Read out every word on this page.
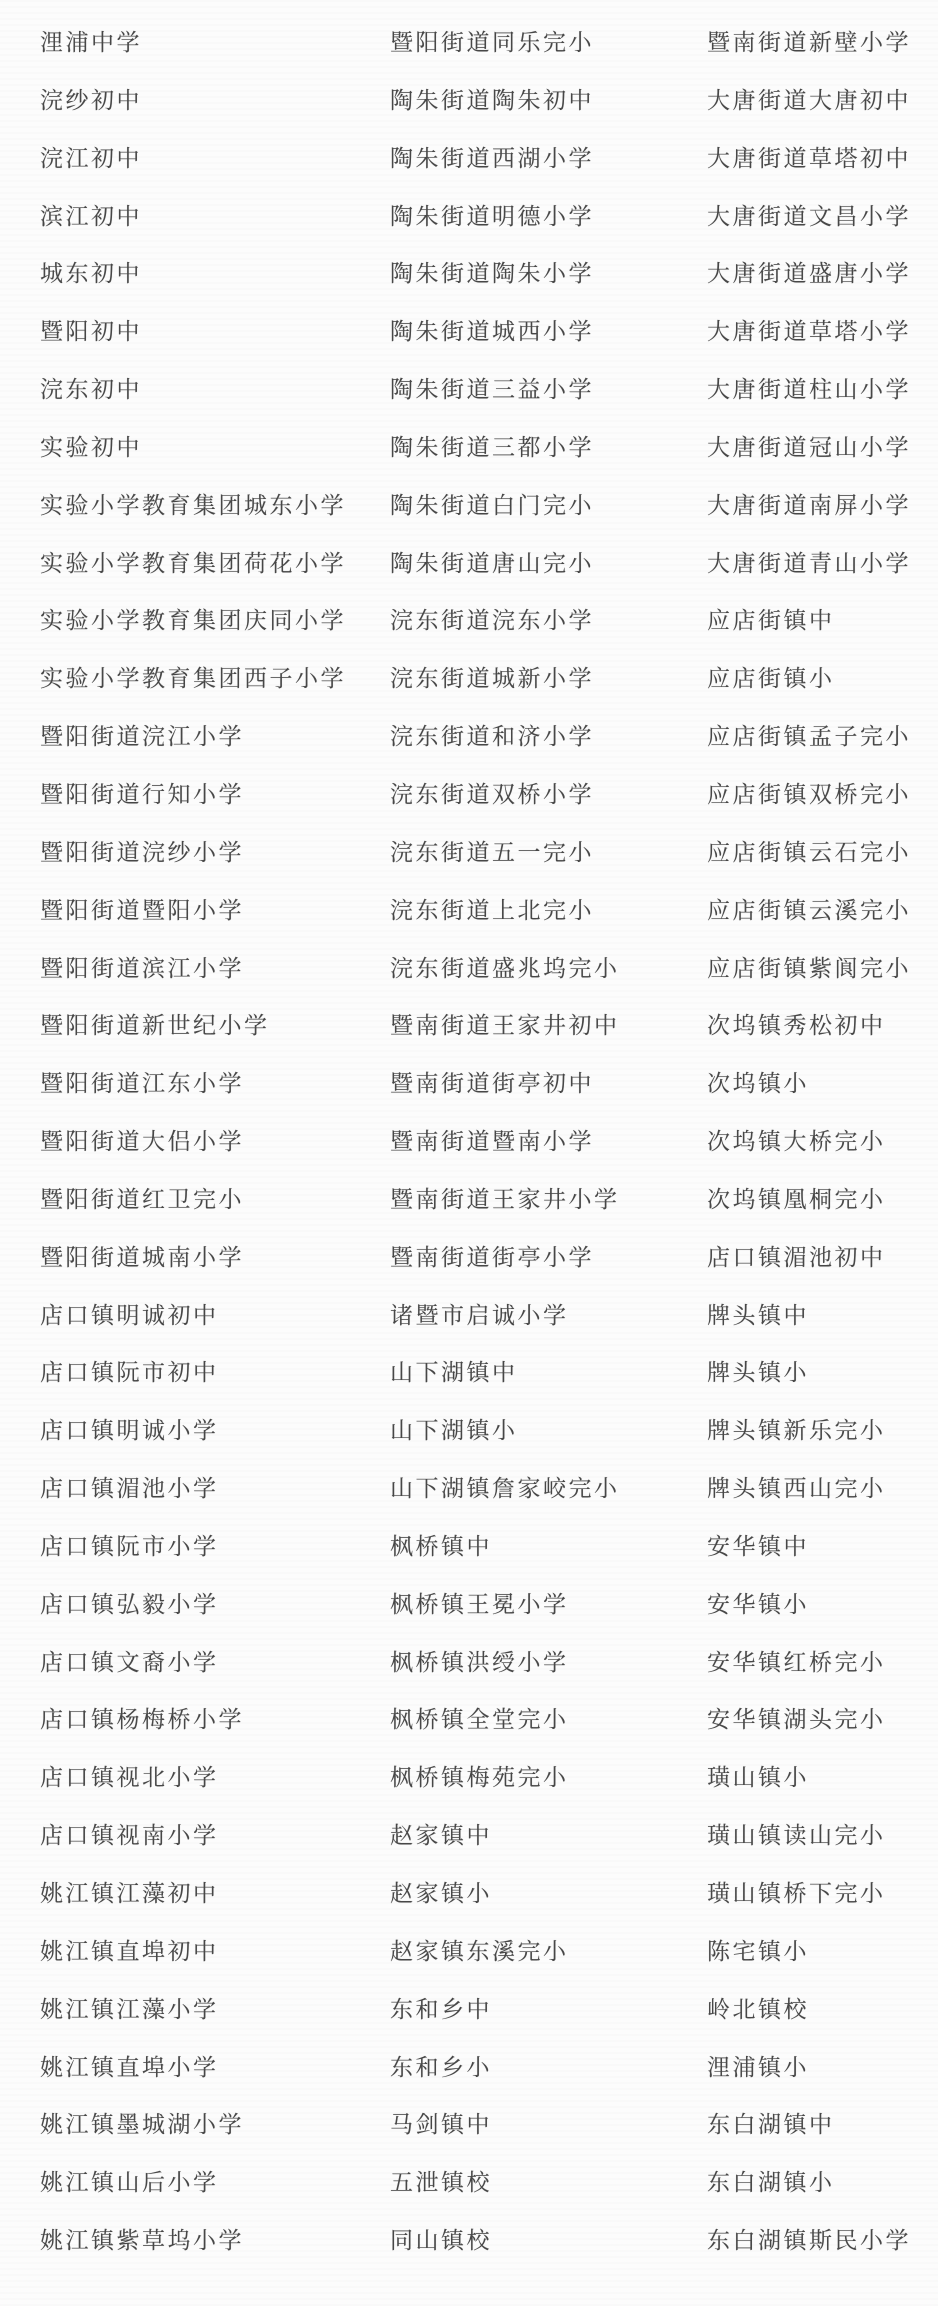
浬浦中学
浣纱初中
浣江初中
滨江初中
城东初中
暨阳初中
浣东初中
实验初中
实验小学教育集团城东小学
实验小学教育集团荷花小学
实验小学教育集团庆同小学
实验小学教育集团西子小学
暨阳街道浣江小学
暨阳街道行知小学
暨阳街道浣纱小学
暨阳街道暨阳小学
暨阳街道滨江小学
暨阳街道新世纪小学
暨阳街道江东小学
暨阳街道大侣小学
暨阳街道红卫完小
暨阳街道城南小学
店口镇明诚初中
店口镇阮市初中
店口镇明诚小学
店口镇湄池小学
店口镇阮市小学
店口镇弘毅小学
店口镇文裔小学
店口镇杨梅桥小学
店口镇视北小学
店口镇视南小学
姚江镇江藻初中
姚江镇直埠初中
姚江镇江藻小学
姚江镇直埠小学
姚江镇墨城湖小学
姚江镇山后小学
姚江镇紫草坞小学
暨阳街道同乐完小
陶朱街道陶朱初中
陶朱街道西湖小学
陶朱街道明德小学
陶朱街道陶朱小学
陶朱街道城西小学
陶朱街道三益小学
陶朱街道三都小学
陶朱街道白门完小
陶朱街道唐山完小
浣东街道浣东小学
浣东街道城新小学
浣东街道和济小学
浣东街道双桥小学
浣东街道五一完小
浣东街道上北完小
浣东街道盛兆坞完小
暨南街道王家井初中
暨南街道街亭初中
暨南街道暨南小学
暨南街道王家井小学
暨南街道街亭小学
诸暨市启诚小学
山下湖镇中
山下湖镇小
山下湖镇詹家峧完小
枫桥镇中
枫桥镇王冕小学
枫桥镇洪绶小学
枫桥镇全堂完小
枫桥镇梅苑完小
赵家镇中
赵家镇小
赵家镇东溪完小
东和乡中
东和乡小
马剑镇中
五泄镇校
同山镇校
暨南街道新壁小学
大唐街道大唐初中
大唐街道草塔初中
大唐街道文昌小学
大唐街道盛唐小学
大唐街道草塔小学
大唐街道柱山小学
大唐街道冠山小学
大唐街道南屏小学
大唐街道青山小学
应店街镇中
应店街镇小
应店街镇孟子完小
应店街镇双桥完小
应店街镇云石完小
应店街镇云溪完小
应店街镇紫阆完小
次坞镇秀松初中
次坞镇小
次坞镇大桥完小
次坞镇凰桐完小
店口镇湄池初中
牌头镇中
牌头镇小
牌头镇新乐完小
牌头镇西山完小
安华镇中
安华镇小
安华镇红桥完小
安华镇湖头完小
璜山镇小
璜山镇读山完小
璜山镇桥下完小
陈宅镇小
岭北镇校
浬浦镇小
东白湖镇中
东白湖镇小
东白湖镇斯民小学
